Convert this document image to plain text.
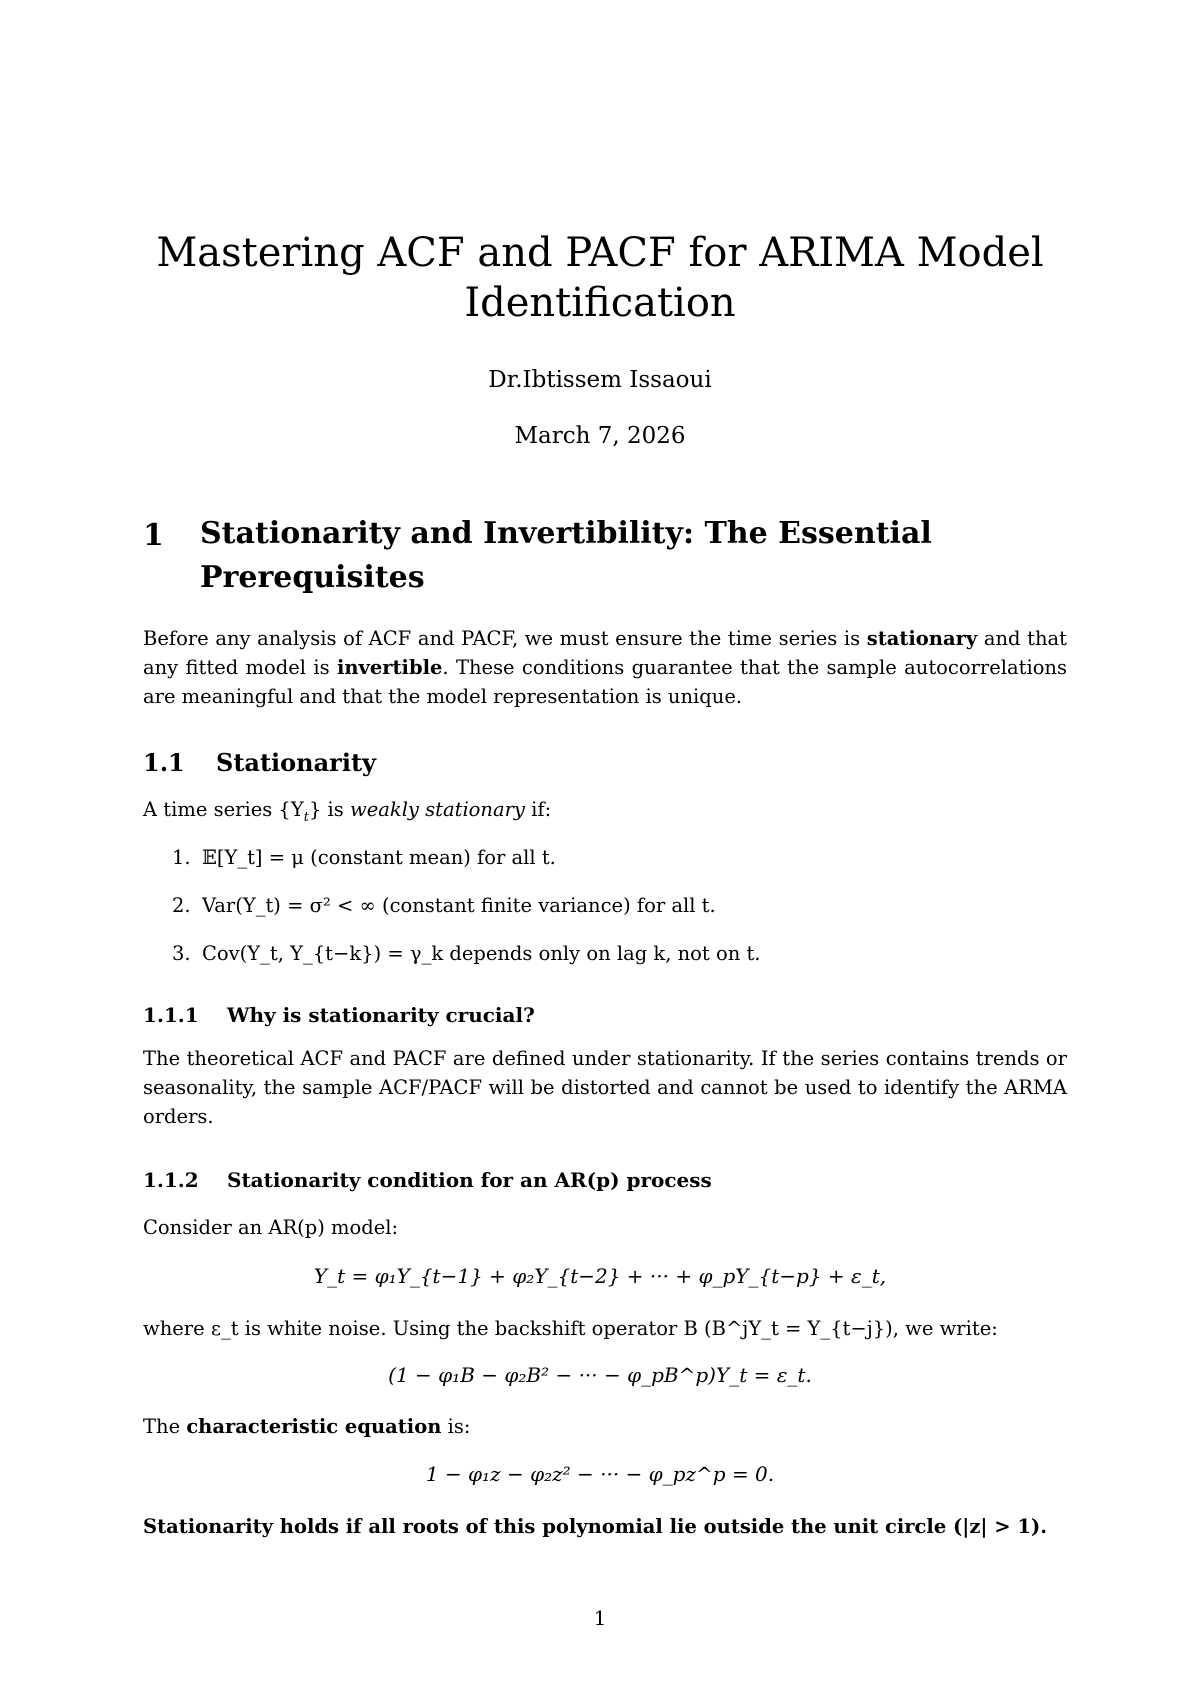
Mastering ACF and PACF for ARIMA Model Identification
Dr.Ibtissem Issaoui
March 7, 2026
1 Stationarity and Invertibility: The Essential Prerequisites
Before any analysis of ACF and PACF, we must ensure the time series is stationary and that any fitted model is invertible. These conditions guarantee that the sample autocorrelations are meaningful and that the model representation is unique.
1.1 Stationarity
A time series $\{Y_t\}$ is weakly stationary if:
1. 𝔼[Y_t] = μ (constant mean) for all t.
2. Var(Y_t) = σ² < ∞ (constant finite variance) for all t.
3. Cov(Y_t, Y_{t−k}) = γ_k depends only on lag k, not on t.
1.1.1 Why is stationarity crucial?
The theoretical ACF and PACF are defined under stationarity. If the series contains trends or seasonality, the sample ACF/PACF will be distorted and cannot be used to identify the ARMA orders.
1.1.2 Stationarity condition for an AR(p) process
Consider an AR(p) model:
Y_t = φ₁Y_{t−1} + φ₂Y_{t−2} + ··· + φ_pY_{t−p} + ε_t,
where ε_t is white noise. Using the backshift operator B (B^jY_t = Y_{t−j}), we write:
(1 − φ₁B − φ₂B² − ··· − φ_pB^p)Y_t = ε_t.
The characteristic equation is:
1 − φ₁z − φ₂z² − ··· − φ_pz^p = 0.
Stationarity holds if all roots of this polynomial lie outside the unit circle (|z| > 1).
1
